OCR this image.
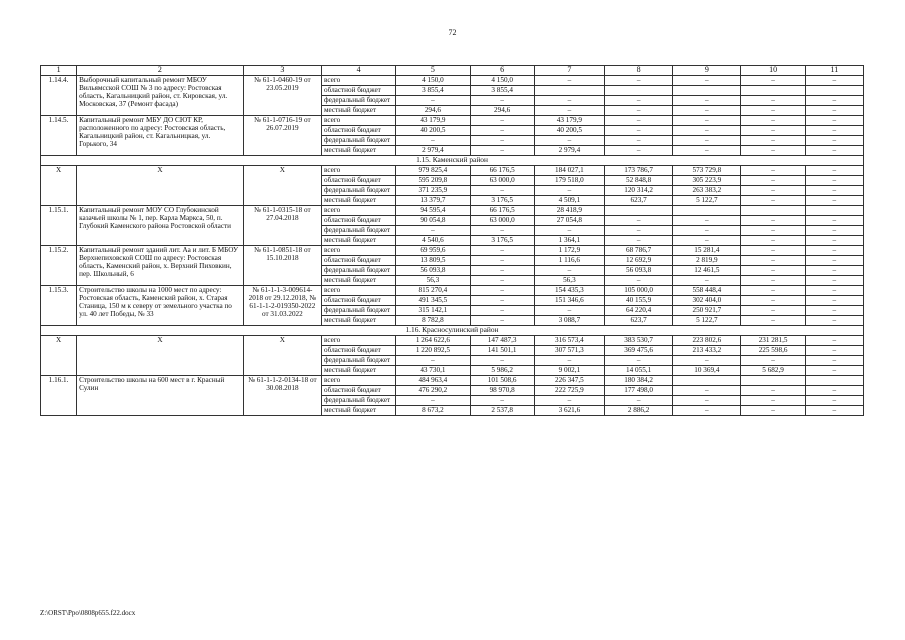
72
1	2	3	4	5	6	7	8	9	10	11
1.14.4.	Выборочный капитальный ремонт МБОУ Вильямсской СОШ № 3 по адресу: Ростовская область, Кагальницкий район, ст. Кировская, ул. Московская, 37 (Ремонт фасада)	№ 61-1-0460-19 от 23.05.2019	всего	4 150,0	4 150,0	–	–	–	–	–
			областной бюджет	3 855,4	3 855,4					
			федеральный бюджет	–	–	–	–	–	–	–
			местный бюджет	294,6	294,6	–	–	–	–	–
1.14.5.	Капитальный ремонт МБУ ДО СЮТ КР, расположенного по адресу: Ростовская область, Кагальницкий район, ст. Кагальницкая, ул. Горького, 34	№ 61-1-0716-19 от 26.07.2019	всего	43 179,9	–	43 179,9	–	–	–	–
			областной бюджет	40 200,5	–	40 200,5	–	–	–	–
			федеральный бюджет	–	–	–	–	–	–	–
			местный бюджет	2 979,4	–	2 979,4	–	–	–	–
1.15. Каменский район										
Х	Х	Х	всего	979 825,4	66 176,5	184 027,1	173 786,7	573 729,8	–	–
			областной бюджет	595 209,8	63 000,0	179 518,0	52 848,8	305 223,9	–	–
			федеральный бюджет	371 235,9	–	–	120 314,2	263 383,2	–	–
			местный бюджет	13 379,7	3 176,5	4 509,1	623,7	5 122,7	–	–
1.15.1.	Капитальный ремонт МОУ СО Глубокинской казачьей школы № 1, пер. Карла Маркса, 50, п. Глубокий Каменского района Ростовской области	№ 61-1-0315-18 от 27.04.2018	всего	94 595,4	66 176,5	28 418,9				
			областной бюджет	90 054,8	63 000,0	27 054,8	–	–	–	–
			федеральный бюджет	–	–	–	–	–	–	–
			местный бюджет	4 540,6	3 176,5	1 364,1	–	–	–	–
1.15.2.	Капитальный ремонт зданий лит. Аа и лит. Б МБОУ Верхнепиховской СОШ по адресу: Ростовская область, Каменский район, х. Верхний Пиховкин, пер. Школьный, 6	№ 61-1-0851-18 от 15.10.2018	всего	69 959,6	–	1 172,9	68 786,7	15 281,4	–	–
			областной бюджет	13 809,5	–	1 116,6	12 692,9	2 819,9	–	–
			федеральный бюджет	56 093,8	–	–	56 093,8	12 461,5	–	–
			местный бюджет	56,3	–	56,3	–	–	–	–
1.15.3.	Строительство школы на 1000 мест по адресу: Ростовская область, Каменский район, х. Старая Станица, 150 м к северу от земельного участка по ул. 40 лет Победы, № 33	№ 61-1-1-3-009614-2018 от 29.12.2018, № 61-1-1-2-019350-2022 от 31.03.2022	всего	815 270,4	–	154 435,3	105 000,0	558 448,4	–	–
			областной бюджет	491 345,5	–	151 346,6	40 155,9	302 404,0	–	–
			федеральный бюджет	315 142,1	–	–	64 220,4	250 921,7	–	–
			местный бюджет	8 782,8	–	3 088,7	623,7	5 122,7	–	–
1.16. Красносулинский район										
Х	Х	Х	всего	1 264 622,6	147 487,3	316 573,4	383 530,7	223 802,6	231 281,5	–
			областной бюджет	1 220 892,5	141 501,1	307 571,3	369 475,6	213 433,2	225 598,6	–
			федеральный бюджет	–	–	–	–	–	–	–
			местный бюджет	43 730,1	5 986,2	9 002,1	14 055,1	10 369,4	5 682,9	–
1.16.1.	Строительство школы на 600 мест в г. Красный Сулин	№ 61-1-1-2-0134-18 от 30.08.2018	всего	484 963,4	101 508,6	226 347,5	180 384,2			
			областной бюджет	476 290,2	98 970,8	222 725,9	177 498,0	–	–	–
			федеральный бюджет	–	–	–	–	–	–	–
			местный бюджет	8 673,2	2 537,8	3 621,6	2 886,2	–	–	–
Z:\ORST\Ppo\0808p655.f22.docx
